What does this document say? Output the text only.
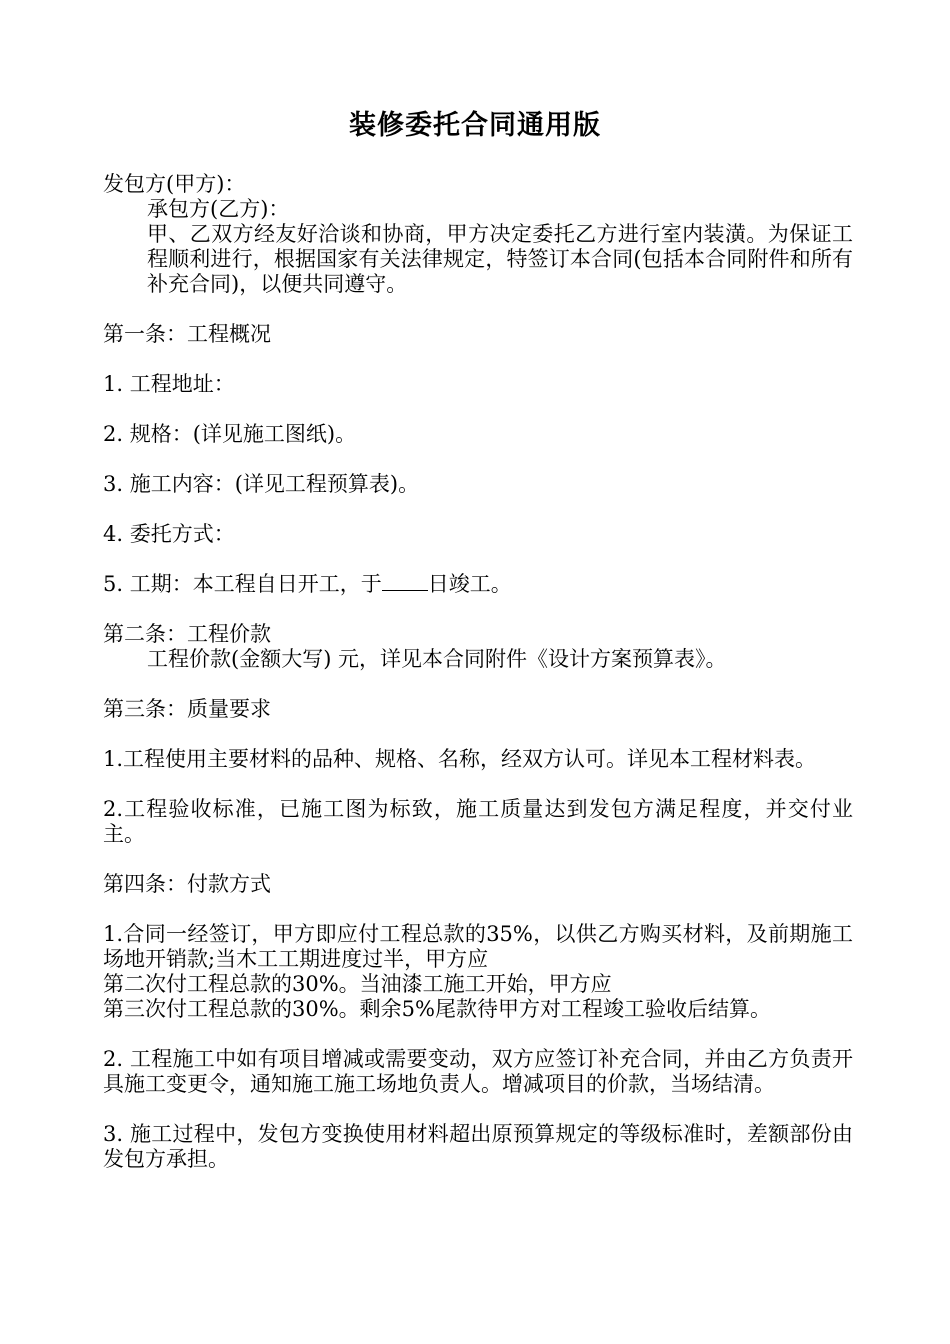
装修委托合同通用版

发包方(甲方)：

承包方(乙方)：

甲、乙双方经友好洽谈和协商，甲方决定委托乙方进行室内装潢。为保证工程顺利进行，根据国家有关法律规定，特签订本合同(包括本合同附件和所有补充合同)，以便共同遵守。

第一条：工程概况

1. 工程地址：

2. 规格：(详见施工图纸)。

3. 施工内容：(详见工程预算表)。

4. 委托方式：

5. 工期：本工程自日开工，于 日竣工。

第二条：工程价款

工程价款(金额大写) 元，详见本合同附件《设计方案预算表》。

第三条：质量要求

1.工程使用主要材料的品种、规格、名称，经双方认可。详见本工程材料表。

2.工程验收标准，已施工图为标致，施工质量达到发包方满足程度，并交付业主。

第四条：付款方式

1.合同一经签订，甲方即应付工程总款的35%，以供乙方购买材料，及前期施工场地开销款;当木工工期进度过半，甲方应

第二次付工程总款的30%。当油漆工施工开始，甲方应

第三次付工程总款的30%。剩余5%尾款待甲方对工程竣工验收后结算。

2. 工程施工中如有项目增减或需要变动，双方应签订补充合同，并由乙方负责开具施工变更令，通知施工施工场地负责人。增减项目的价款，当场结清。

3. 施工过程中，发包方变换使用材料超出原预算规定的等级标准时，差额部份由发包方承担。
